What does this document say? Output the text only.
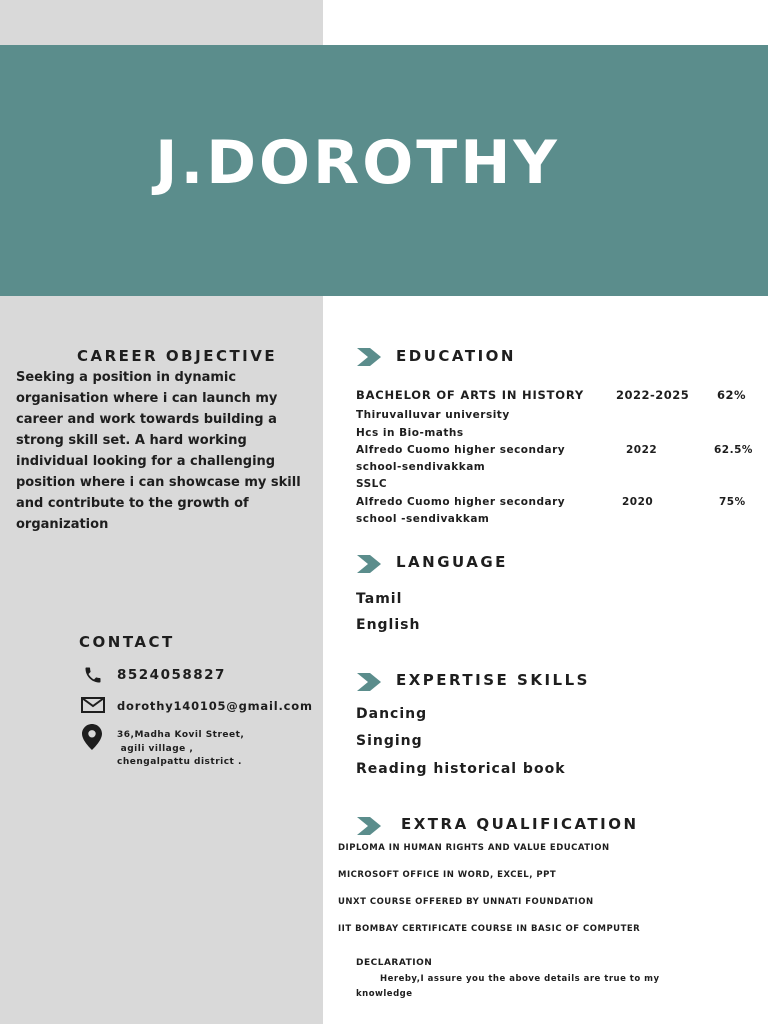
J.DOROTHY
CAREER OBJECTIVE
Seeking a position in dynamic organisation where i can launch my career and work towards building a strong skill set. A hard working individual looking for a challenging position where i can showcase my skill and contribute to the growth of organization
CONTACT
8524058827
dorothy140105@gmail.com
36,Madha Kovil Street,
agili village ,
chengalpattu district .
EDUCATION
BACHELOR OF ARTS IN HISTORY	2022-2025 62%
Thiruvalluvar university
Hcs in Bio-maths
Alfredo Cuomo higher secondary	2022	62.5%
school-sendivakkam
SSLC
Alfredo Cuomo higher secondary	2020	75%
school -sendivakkam
LANGUAGE
Tamil
English
EXPERTISE SKILLS
Dancing
Singing
Reading historical book
EXTRA QUALIFICATION
DIPLOMA IN HUMAN RIGHTS AND VALUE EDUCATION
MICROSOFT OFFICE IN WORD, EXCEL, PPT
UNXT COURSE OFFERED BY UNNATI FOUNDATION
IIT BOMBAY CERTIFICATE COURSE IN BASIC OF COMPUTER
DECLARATION
Hereby,I assure you the above details are true to my
knowledge
